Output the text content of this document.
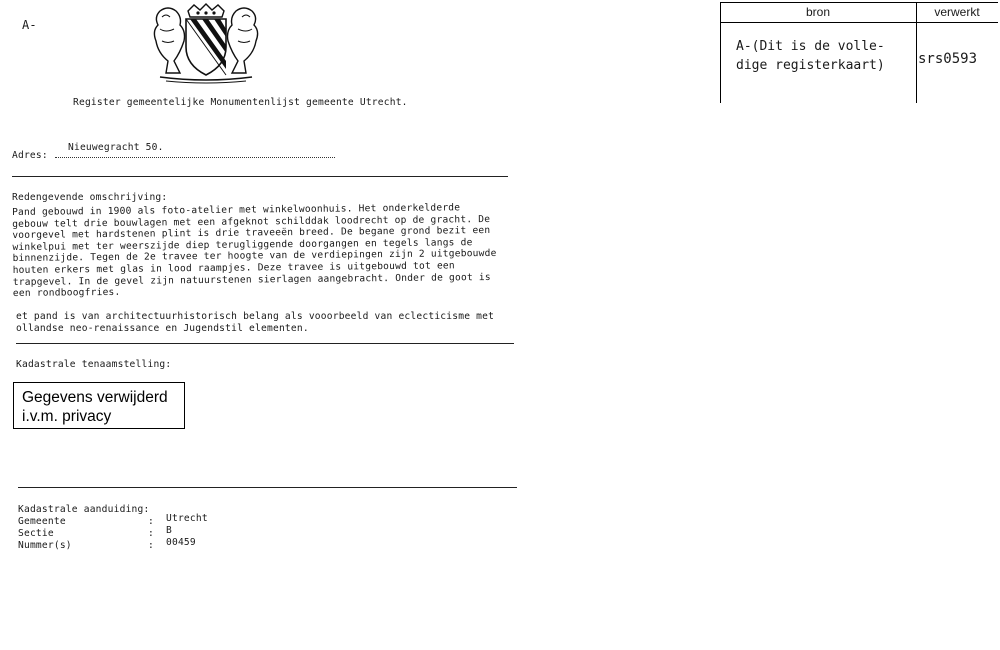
A-
Register gemeentelijke Monumentenlijst gemeente Utrecht.
Adres:
Nieuwegracht 50.
Redengevende omschrijving:
Pand gebouwd in 1900 als foto-atelier met winkelwoonhuis. Het onderkelderde
gebouw telt drie bouwlagen met een afgeknot schilddak loodrecht op de gracht. De
voorgevel met hardstenen plint is drie traveeën breed. De begane grond bezit een
winkelpui met ter weerszijde diep terugliggende doorgangen en tegels langs de
binnenzijde. Tegen de 2e travee ter hoogte van de verdiepingen zijn 2 uitgebouwde
houten erkers met glas in lood raampjes. Deze travee is uitgebouwd tot een
trapgevel. In de gevel zijn natuurstenen sierlagen aangebracht. Onder de goot is
een rondboogfries.
et pand is van architectuurhistorisch belang als vooorbeeld van eclecticisme met
ollandse neo-renaissance en Jugendstil elementen.
Kadastrale tenaamstelling:
Gegevens verwijderd
i.v.m. privacy
Kadastrale aanduiding:
Gemeente	: Utrecht
Sectie	: B
Nummer(s)	: 00459
bron	verwerkt
A-(Dit is de volle-
dige registerkaart) srs0593
